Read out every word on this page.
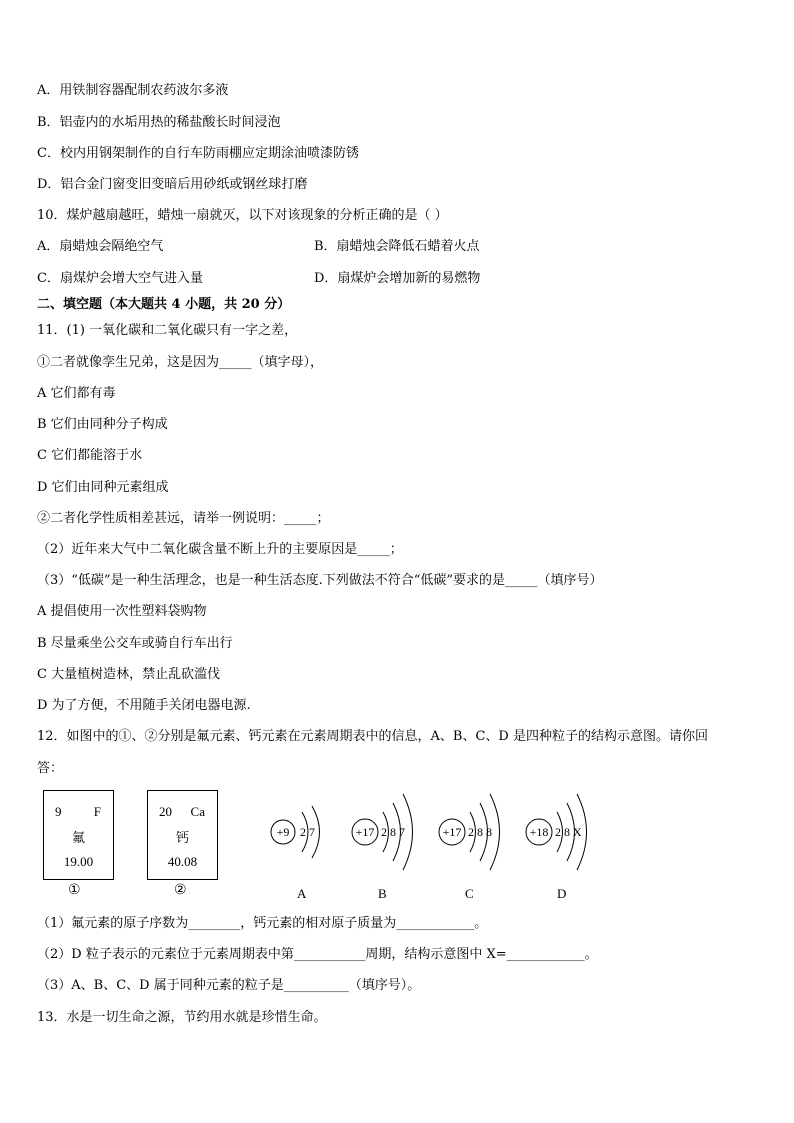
A．用铁制容器配制农药波尔多液
B．铝壶内的水垢用热的稀盐酸长时间浸泡
C．校内用钢架制作的自行车防雨棚应定期涂油喷漆防锈
D．铝合金门窗变旧变暗后用砂纸或钢丝球打磨
10．煤炉越扇越旺，蜡烛一扇就灭，以下对该现象的分析正确的是（ ）
A．扇蜡烛会隔绝空气	B．扇蜡烛会降低石蜡着火点
C．扇煤炉会增大空气进入量	D．扇煤炉会增加新的易燃物
二、填空题（本大题共 4 小题，共 20 分）
11．(1) 一氧化碳和二氧化碳只有一字之差，
①二者就像孪生兄弟，这是因为_____（填字母），
A 它们都有毒
B 它们由同种分子构成
C 它们都能溶于水
D 它们由同种元素组成
②二者化学性质相差甚远，请举一例说明：_____；
（2）近年来大气中二氧化碳含量不断上升的主要原因是_____；
（3）“低碳”是一种生活理念，也是一种生活态度.下列做法不符合“低碳”要求的是_____（填序号）
A 提倡使用一次性塑料袋购物
B 尽量乘坐公交车或骑自行车出行
C 大量植树造林，禁止乱砍滥伐
D 为了方便，不用随手关闭电器电源.
12．如图中的①、②分别是氟元素、钙元素在元素周期表中的信息，A、B、C、D 是四种粒子的结构示意图。请你回
答：
9 F
氟
19.00
①
20 Ca
钙
40.08
②
+9 2 7	+17 2 8 7	+17 2 8 8	+18 2 8 X
A	B	C	D
（1）氟元素的原子序数为________，钙元素的相对原子质量为____________。
（2）D 粒子表示的元素位于元素周期表中第___________周期，结构示意图中 X=____________。
（3）A、B、C、D 属于同种元素的粒子是__________（填序号）。
13．水是一切生命之源，节约用水就是珍惜生命。
